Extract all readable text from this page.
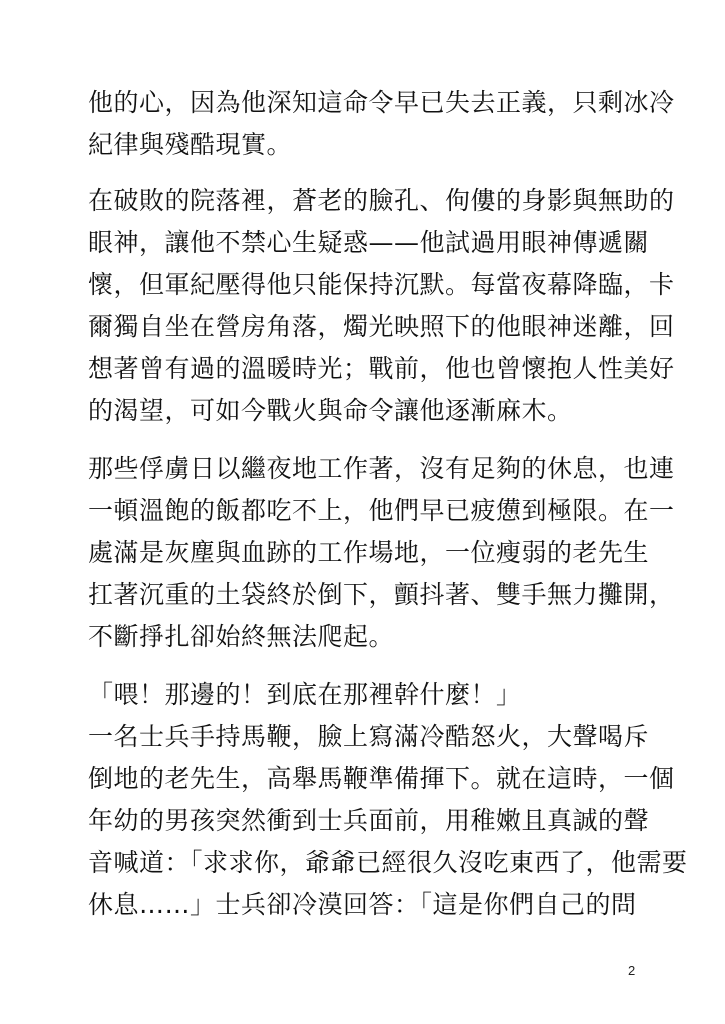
他的心，因為他深知這命令早已失去正義，只剩冰冷
紀律與殘酷現實。
在破敗的院落裡，蒼老的臉孔、佝僂的身影與無助的
眼神，讓他不禁心生疑惑——他試過用眼神傳遞關
懷，但軍紀壓得他只能保持沉默。每當夜幕降臨，卡
爾獨自坐在營房角落，燭光映照下的他眼神迷離，回
想著曾有過的溫暖時光；戰前，他也曾懷抱人性美好
的渴望，可如今戰火與命令讓他逐漸麻木。
那些俘虜日以繼夜地工作著，沒有足夠的休息，也連
一頓溫飽的飯都吃不上，他們早已疲憊到極限。在一
處滿是灰塵與血跡的工作場地，一位瘦弱的老先生
扛著沉重的土袋終於倒下，顫抖著、雙手無力攤開，
不斷掙扎卻始終無法爬起。
「喂！那邊的！到底在那裡幹什麼！」
一名士兵手持馬鞭，臉上寫滿冷酷怒火，大聲喝斥
倒地的老先生，高舉馬鞭準備揮下。就在這時，一個
年幼的男孩突然衝到士兵面前，用稚嫩且真誠的聲
音喊道：「求求你，爺爺已經很久沒吃東西了，他需要
休息……」士兵卻冷漠回答：「這是你們自己的問
2
